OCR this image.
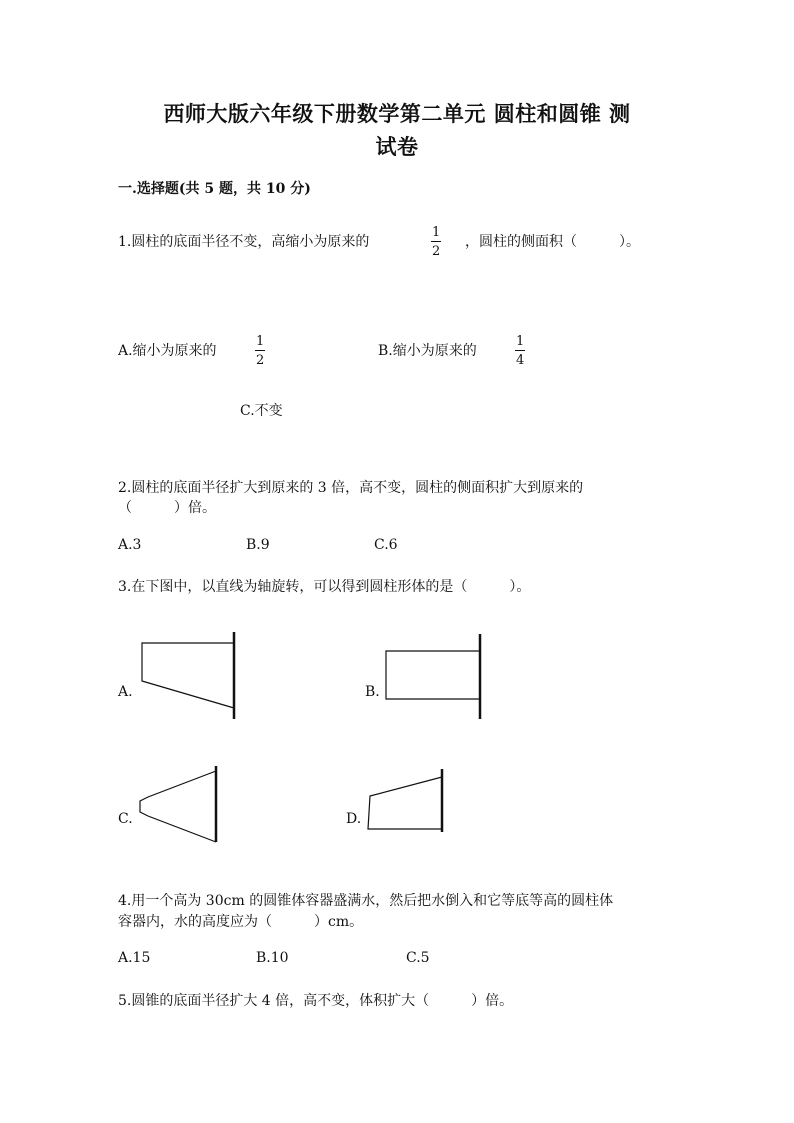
西师大版六年级下册数学第二单元 圆柱和圆锥 测
试卷
一.选择题(共 5 题，共 10 分)
1.圆柱的底面半径不变，高缩小为原来的
1
2
，圆柱的侧面积（　　　）。
A.缩小为原来的
1
2
B.缩小为原来的
1
4
C.不变
2.圆柱的底面半径扩大到原来的 3 倍，高不变，圆柱的侧面积扩大到原来的
（　　　）倍。
A.3	B.9	C.6
3.在下图中，以直线为轴旋转，可以得到圆柱形体的是（　　　）。
A.	B.
C.	D.
4.用一个高为 30cm 的圆锥体容器盛满水，然后把水倒入和它等底等高的圆柱体
容器内，水的高度应为（　　　）cm。
A.15	B.10	C.5
5.圆锥的底面半径扩大 4 倍，高不变，体积扩大（　　　）倍。
